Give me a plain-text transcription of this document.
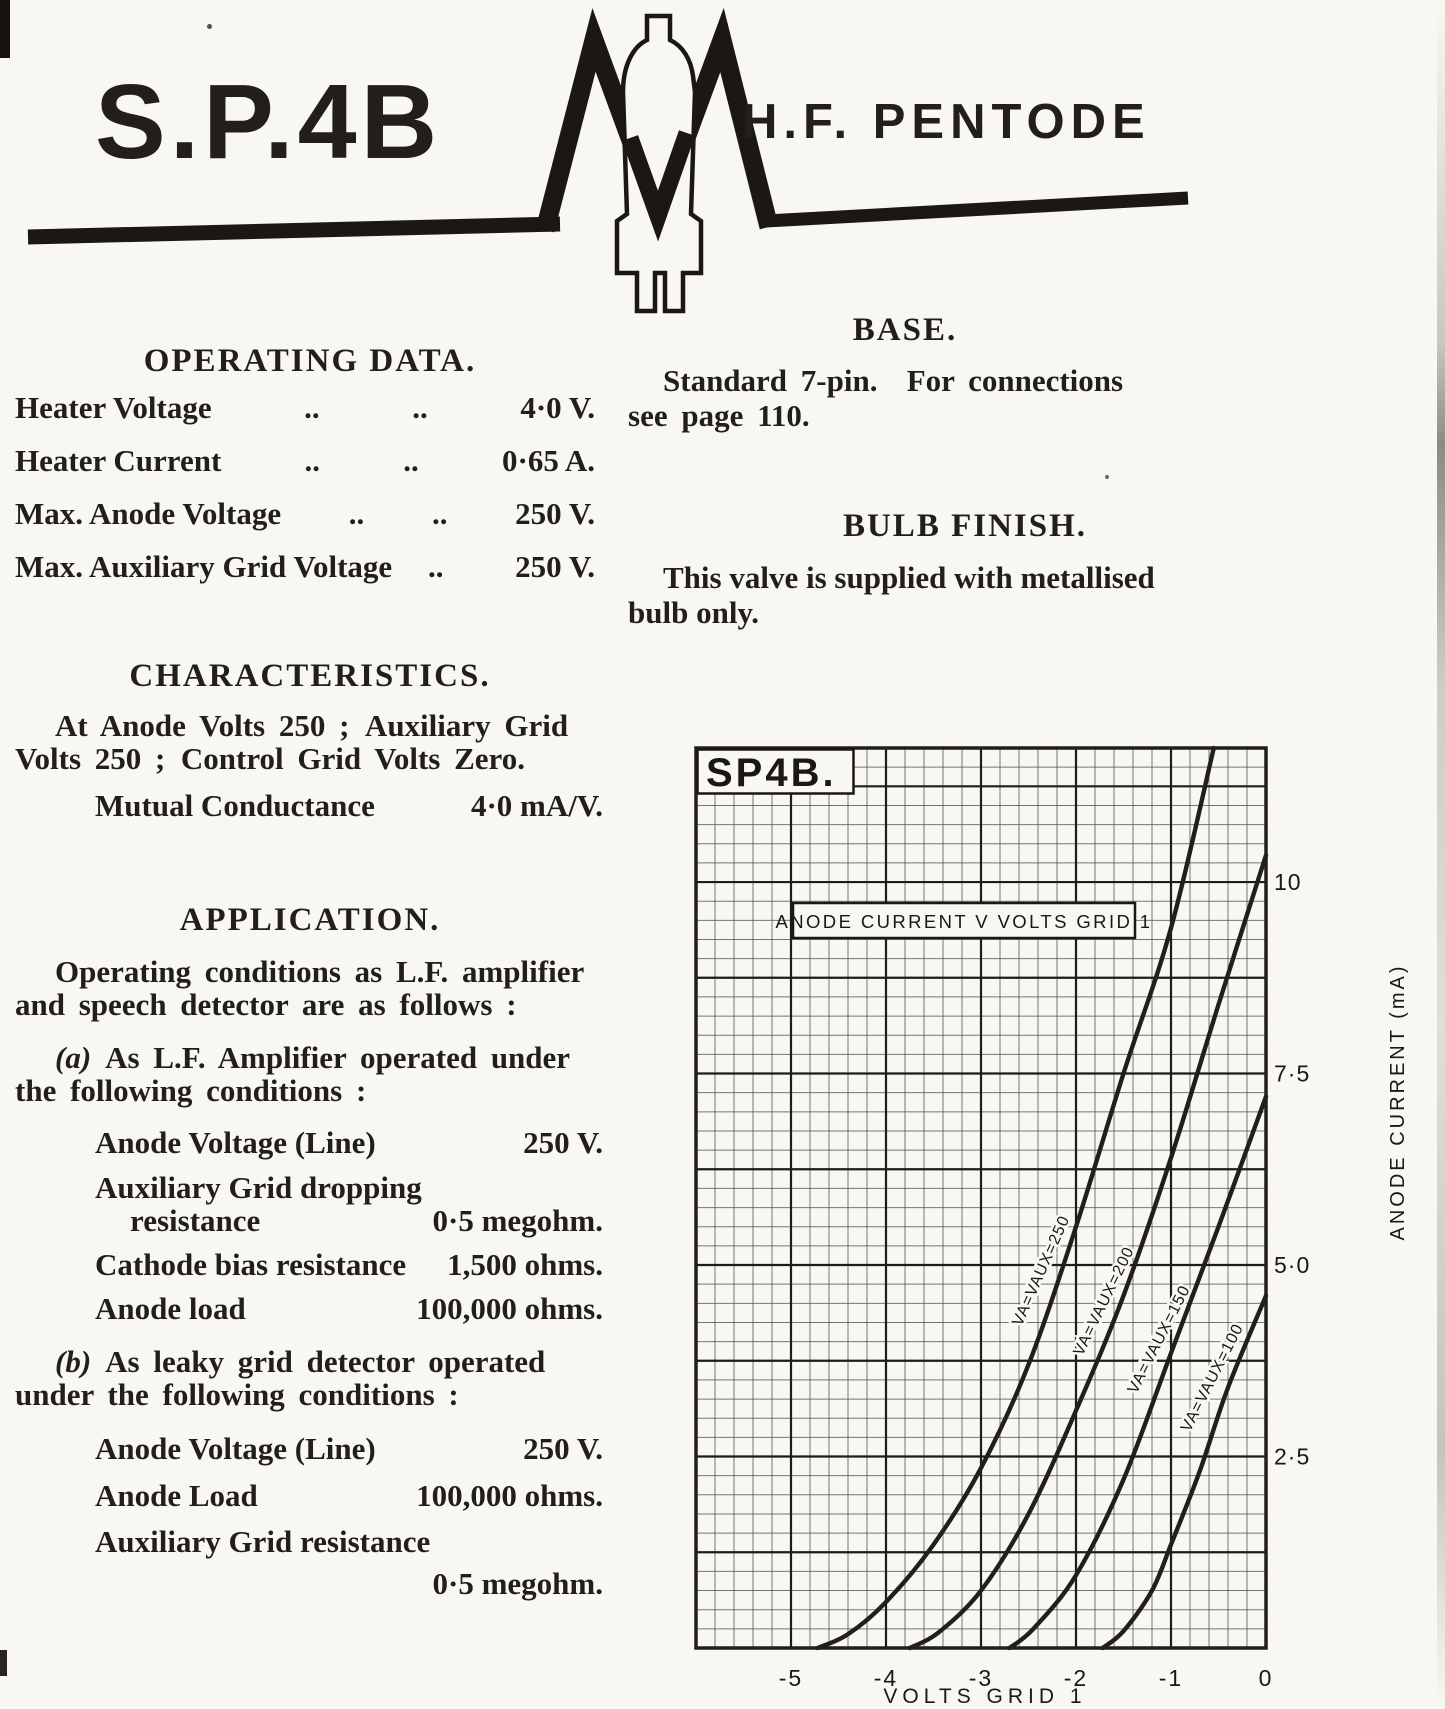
S.P.4B	H.F. PENTODE
OPERATING DATA.
Heater Voltage	..	..	4·0 V.
Heater Current	..	..	0·65 A.
Max. Anode Voltage .. .. 250 V.
Max. Auxiliary Grid Voltage .. 250 V.
CHARACTERISTICS.
At Anode Volts 250 ; Auxiliary Grid
Volts 250 ; Control Grid Volts Zero.
Mutual Conductance	4·0 mA/V.
APPLICATION.
Operating conditions as L.F. amplifier
and speech detector are as follows :
(a) As L.F. Amplifier operated under
the following conditions :
Anode Voltage (Line)	250 V.
Auxiliary Grid dropping
resistance	0·5 megohm.
Cathode bias resistance 1,500 ohms.
Anode load	100,000 ohms.
(b) As leaky grid detector operated
under the following conditions :
Anode Voltage (Line)	250 V.
Anode Load	100,000 ohms.
Auxiliary Grid resistance
0·5 megohm.
BASE.
Standard 7-pin.  For connections
see page 110.
BULB FINISH.
This valve is supplied with metallised
bulb only.
SP4B.
ANODE CURRENT V VOLTS GRID 1
VA=VAUX=250
VA=VAUX=200
VA=VAUX=150
VA=VAUX=100
2·5
5·0
7·5
10
-5	-4	-3	-2	-1	0
VOLTS GRID 1
ANODE CURRENT (mA)
